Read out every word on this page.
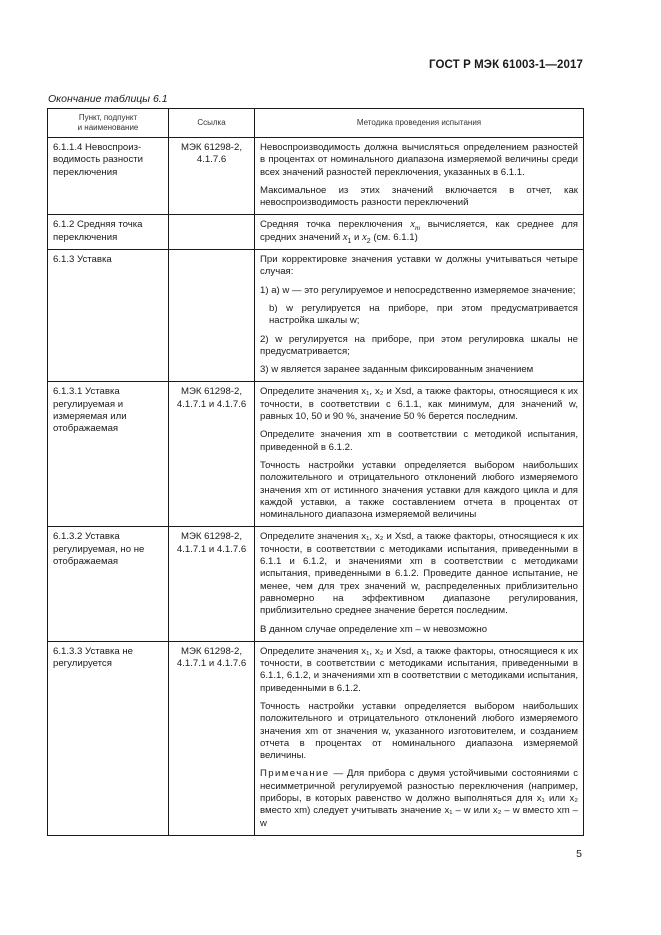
ГОСТ Р МЭК 61003-1—2017
Окончание таблицы 6.1
Пункт, подпункт
и наименование	Ссылка	Методика проведения испытания
6.1.1.4 Невоспроизводимость разности переключения	МЭК 61298-2, 4.1.7.6	Невоспроизводимость должна вычисляться определением разностей в процентах от номинального диапазона измеряемой величины среди всех значений разностей переключения, указанных в 6.1.1.

Максимальное из этих значений включается в отчет, как невоспроизводимость разности переключений

6.1.2 Средняя точка переключения		Средняя точка переключения $x_m$ вычисляется, как среднее для средних значений $x_1$ и $x_2$ (см. 6.1.1)

6.1.3 Уставка		При корректировке значения уставки w должны учитываться четыре случая:

1) а) w — это регулируемое и непосредственно измеряемое значение;

b) w регулируется на приборе, при этом предусматривается настройка шкалы w;

2) w регулируется на приборе, при этом регулировка шкалы не предусматривается;

3) w является заранее заданным фиксированным значением

6.1.3.1 Уставка регулируемая и измеряемая или отображаемая	МЭК 61298-2, 4.1.7.1 и 4.1.7.6	Определите значения x₁, x₂ и Xsd, а также факторы, относящиеся к их точности, в соответствии с 6.1.1, как минимум, для значений w, равных 10, 50 и 90 %, значение 50 % берется последним.

Определите значения xm в соответствии с методикой испытания, приведенной в 6.1.2.

Точность настройки уставки определяется выбором наибольших положительного и отрицательного отклонений любого измеряемого значения xm от истинного значения уставки для каждого цикла и для каждой уставки, а также составлением отчета в процентах от номинального диапазона измеряемой величины

6.1.3.2 Уставка регулируемая, но не отображаемая	МЭК 61298-2, 4.1.7.1 и 4.1.7.6	Определите значения x₁, x₂ и Xsd, а также факторы, относящиеся к их точности, в соответствии с методиками испытания, приведенными в 6.1.1 и 6.1.2, и значениями xm в соответствии с методиками испытания, приведенными в 6.1.2. Проведите данное испытание, не менее, чем для трех значений w, распределенных приблизительно равномерно на эффективном диапазоне регулирования, приблизительно среднее значение берется последним.

В данном случае определение xm – w невозможно

6.1.3.3 Уставка не регулируется	МЭК 61298-2, 4.1.7.1 и 4.1.7.6	Определите значения x₁, x₂ и Xsd, а также факторы, относящиеся к их точности, в соответствии с методиками испытания, приведенными в 6.1.1, 6.1.2, и значениями xm в соответствии с методиками испытания, приведенными в 6.1.2.

Точность настройки уставки определяется выбором наибольших положительного и отрицательного отклонений любого измеряемого значения xm от значения w, указанного изготовителем, и созданием отчета в процентах от номинального диапазона измеряемой величины.

Примечание — Для прибора с двумя устойчивыми состояниями с несимметричной регулируемой разностью переключения (например, приборы, в которых равенство w должно выполняться для x₁ или x₂ вместо xm) следует учитывать значение x₁ – w или x₂ – w вместо xm – w

5
